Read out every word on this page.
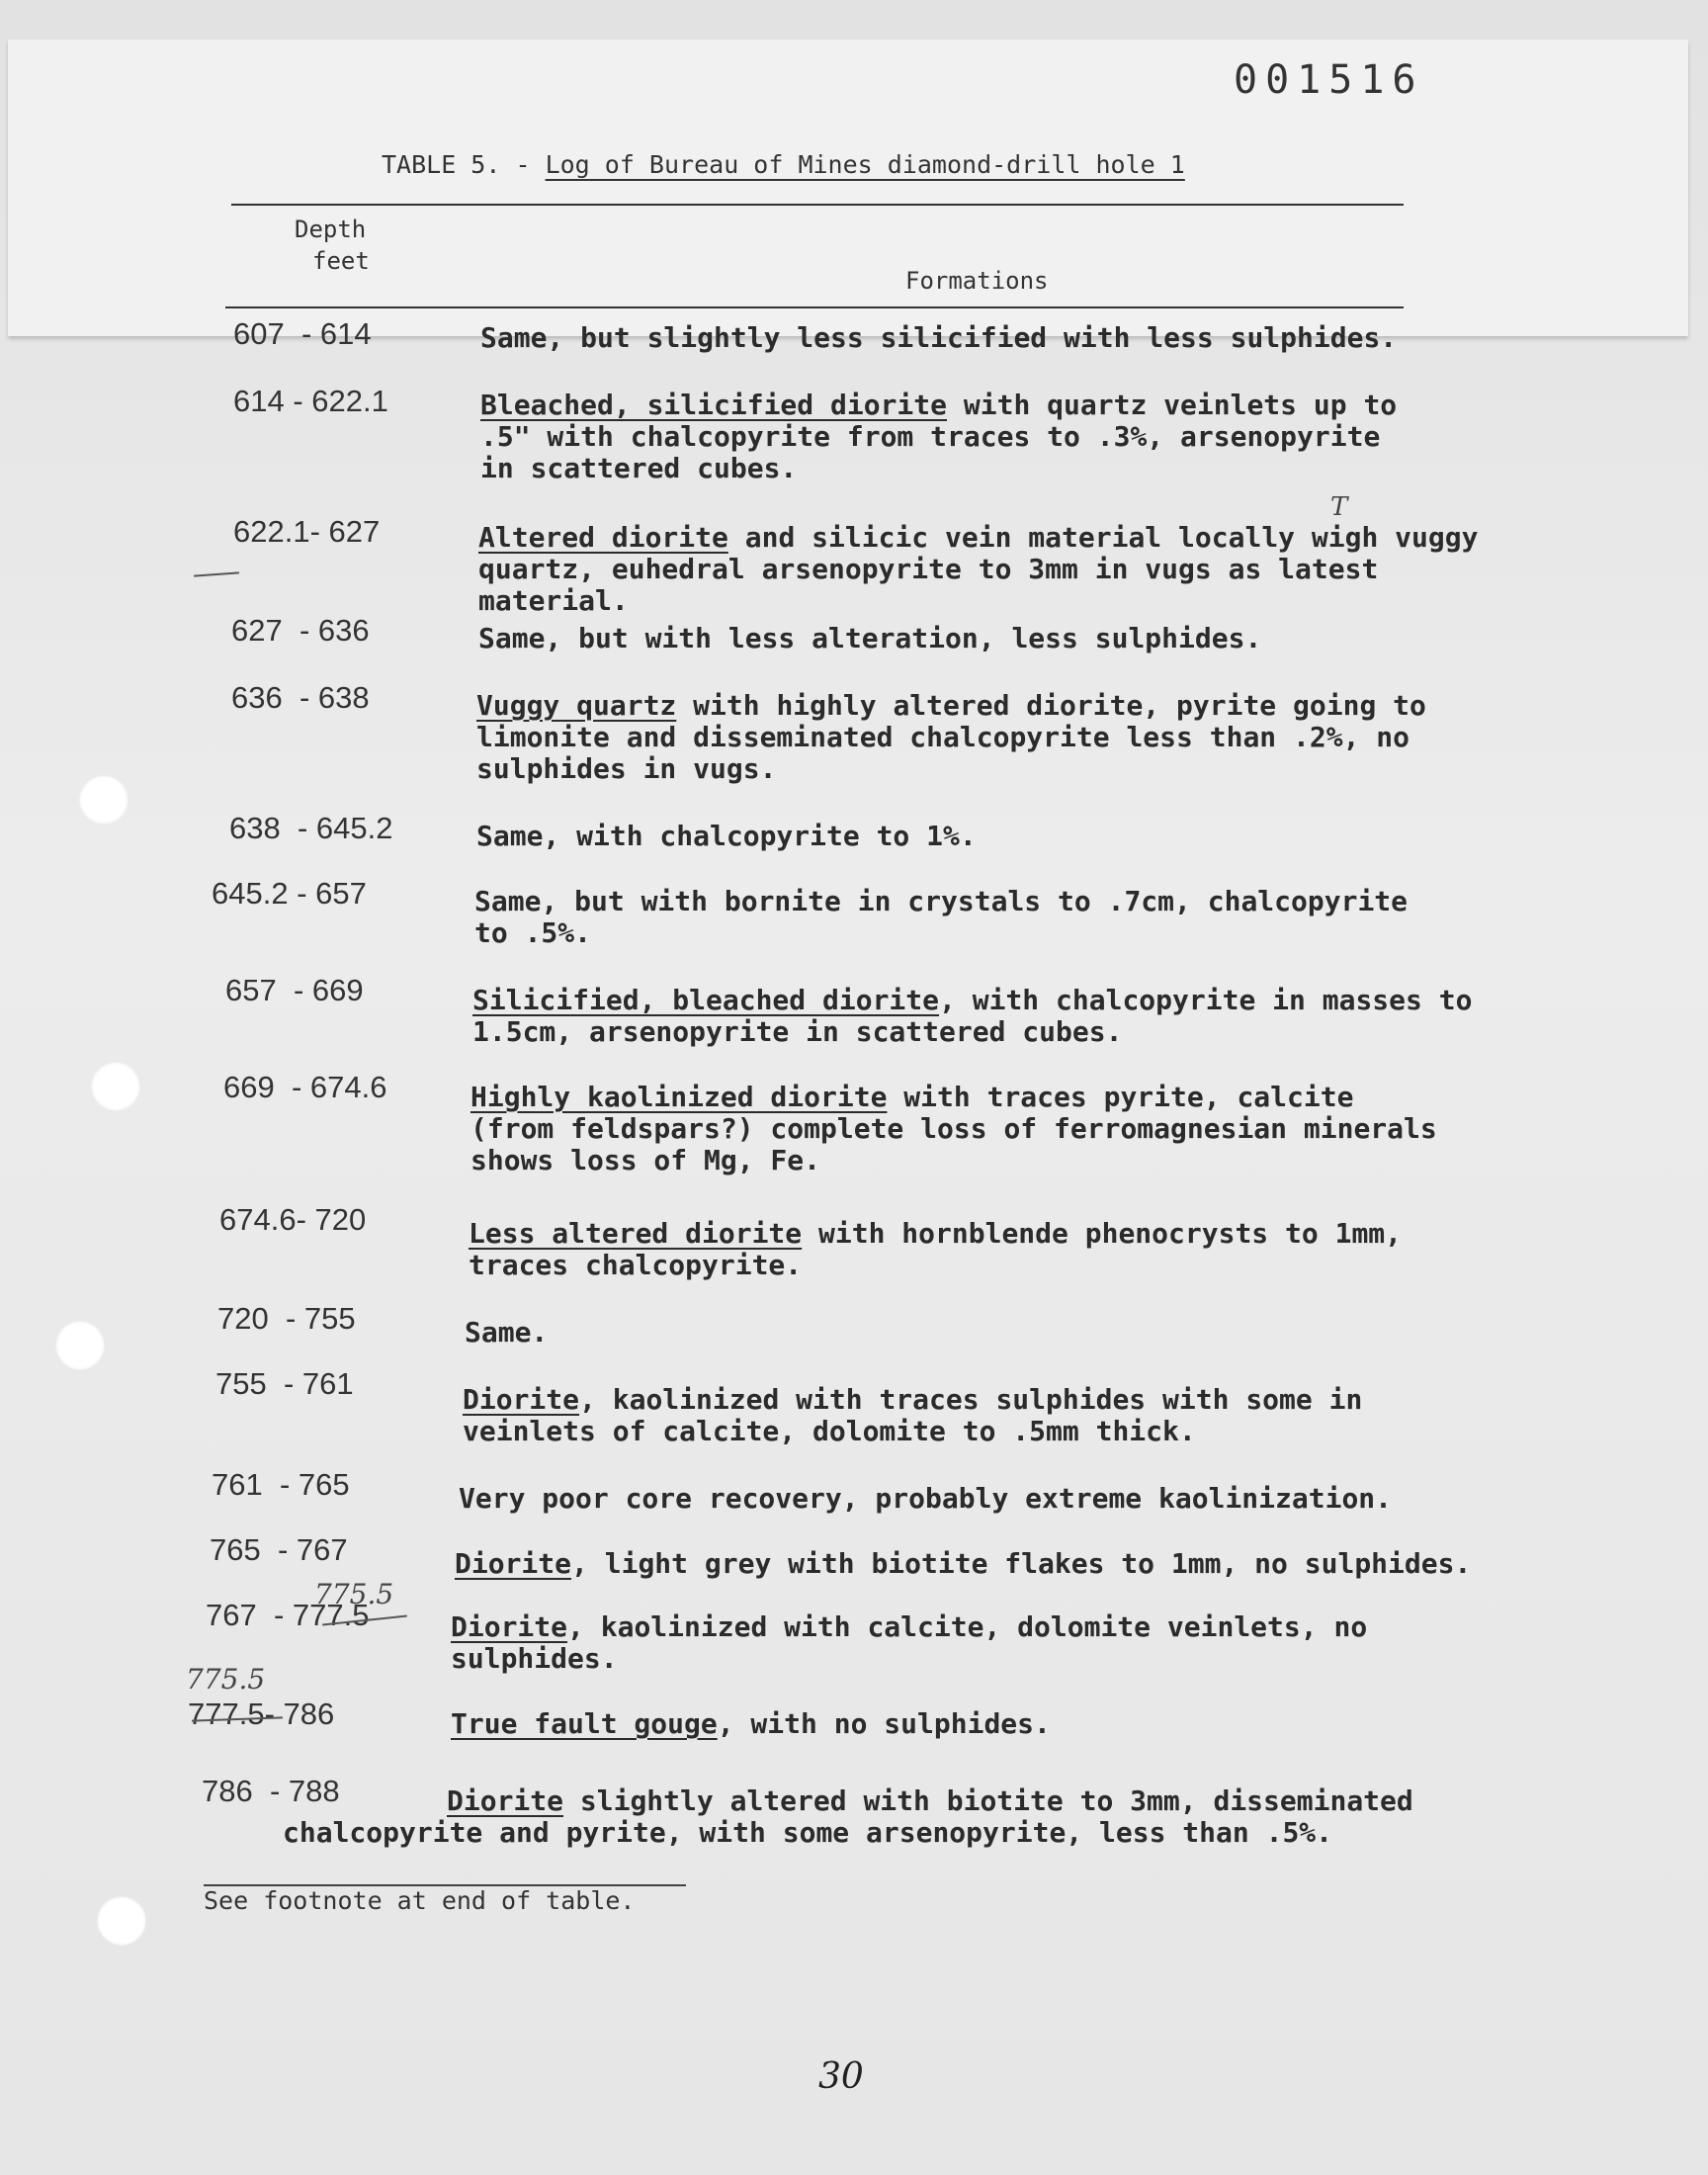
001516
TABLE 5. - Log of Bureau of Mines diamond-drill hole 1
Depth
feet
Formations
607  - 614	Same, but slightly less silicified with less sulphides.
614 - 622.1	Bleached, silicified diorite with quartz veinlets up to
.5" with chalcopyrite from traces to .3%, arsenopyrite
in scattered cubes.
622.1- 627	Altered diorite and silicic vein material locally wigh vuggy
quartz, euhedral arsenopyrite to 3mm in vugs as latest
material.
627  - 636	Same, but with less alteration, less sulphides.
636  - 638	Vuggy quartz with highly altered diorite, pyrite going to
limonite and disseminated chalcopyrite less than .2%, no
sulphides in vugs.
638  - 645.2	Same, with chalcopyrite to 1%.
645.2 - 657	Same, but with bornite in crystals to .7cm, chalcopyrite
to .5%.
657  - 669	Silicified, bleached diorite, with chalcopyrite in masses to
1.5cm, arsenopyrite in scattered cubes.
669  - 674.6	Highly kaolinized diorite with traces pyrite, calcite
(from feldspars?) complete loss of ferromagnesian minerals
shows loss of Mg, Fe.
674.6- 720	Less altered diorite with hornblende phenocrysts to 1mm,
traces chalcopyrite.
720  - 755	Same.
755  - 761	Diorite, kaolinized with traces sulphides with some in
veinlets of calcite, dolomite to .5mm thick.
761  - 765	Very poor core recovery, probably extreme kaolinization.
765  - 767	Diorite, light grey with biotite flakes to 1mm, no sulphides.
767  - 777.5	Diorite, kaolinized with calcite, dolomite veinlets, no
sulphides.
777.5- 786	True fault gouge, with no sulphides.
786  - 788	Diorite slightly altered with biotite to 3mm, disseminated
chalcopyrite and pyrite, with some arsenopyrite, less than .5%.
T
775.5
775.5
See footnote at end of table.
30
